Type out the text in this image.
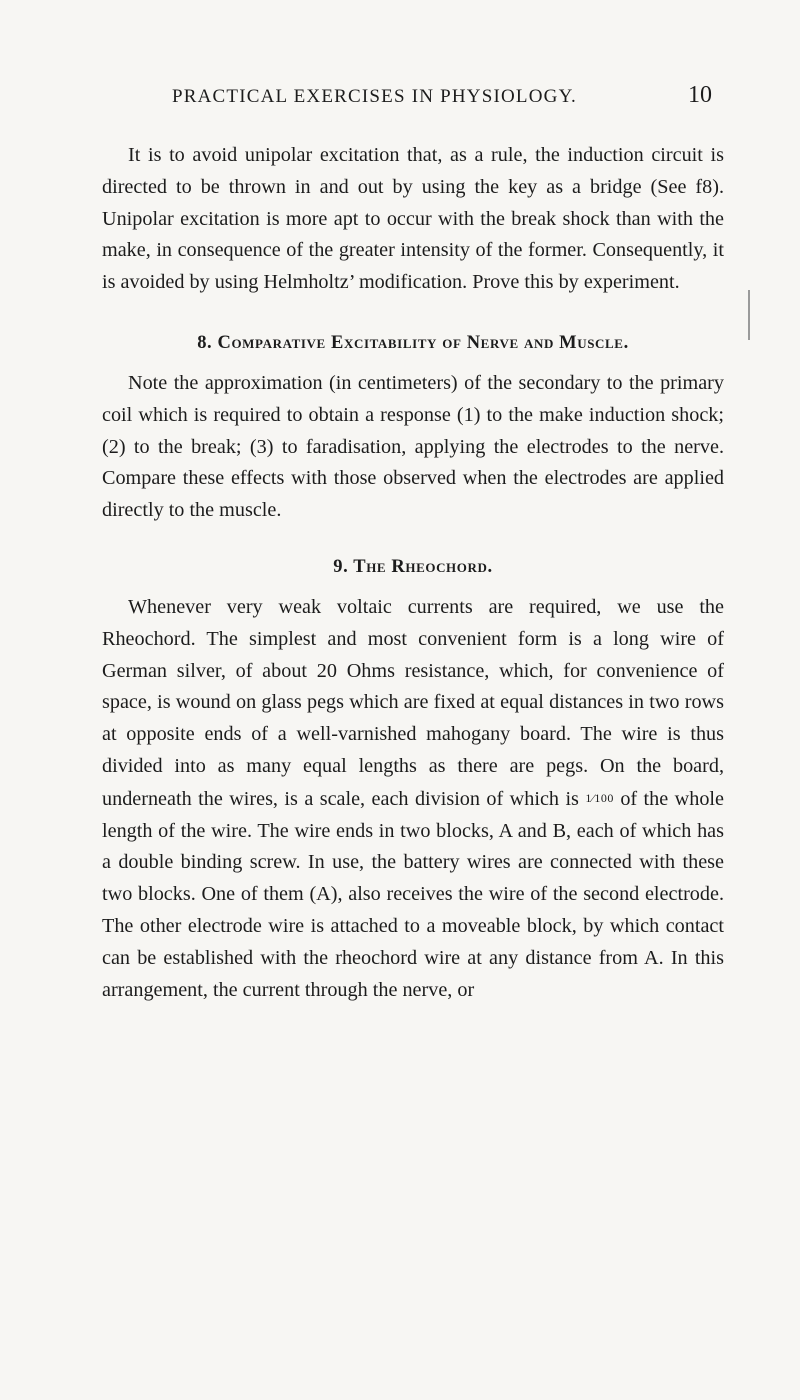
PRACTICAL EXERCISES IN PHYSIOLOGY.	10

It is to avoid unipolar excitation that, as a rule, the induction circuit is directed to be thrown in and out by using the key as a bridge (See f8). Unipolar excitation is more apt to occur with the break shock than with the make, in consequence of the greater intensity of the former. Consequently, it is avoided by using Helmholtz’ modification. Prove this by experiment.

8. Comparative Excitability of Nerve and Muscle.

Note the approximation (in centimeters) of the secondary to the primary coil which is required to obtain a response (1) to the make induction shock; (2) to the break; (3) to faradisation, applying the electrodes to the nerve. Compare these effects with those observed when the electrodes are applied directly to the muscle.

9. The Rheochord.

Whenever very weak voltaic currents are required, we use the Rheochord. The simplest and most convenient form is a long wire of German silver, of about 20 Ohms resistance, which, for convenience of space, is wound on glass pegs which are fixed at equal distances in two rows at opposite ends of a well-varnished mahogany board. The wire is thus divided into as many equal lengths as there are pegs. On the board, underneath the wires, is a scale, each division of which is 1⁄100 of the whole length of the wire. The wire ends in two blocks, A and B, each of which has a double binding screw. In use, the battery wires are connected with these two blocks. One of them (A), also receives the wire of the second electrode. The other electrode wire is attached to a moveable block, by which contact can be established with the rheochord wire at any distance from A. In this arrangement, the current through the nerve, or
